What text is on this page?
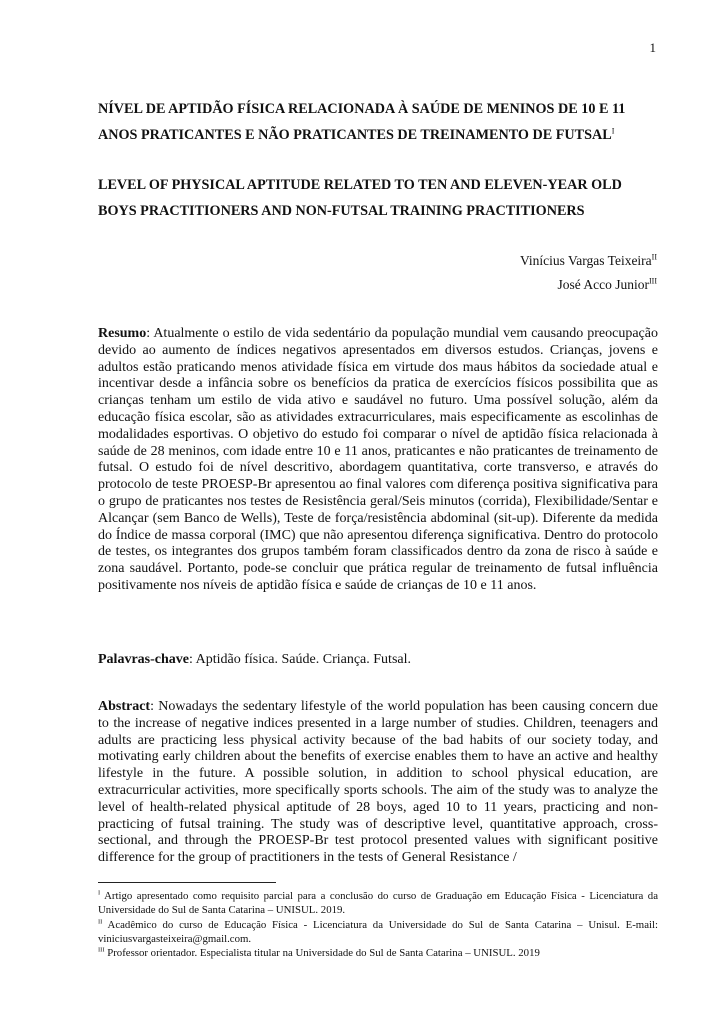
1
NÍVEL DE APTIDÃO FÍSICA RELACIONADA À SAÚDE DE MENINOS DE 10 E 11 ANOS PRATICANTES E NÃO PRATICANTES DE TREINAMENTO DE $FUTSAL^I$
LEVEL OF PHYSICAL APTITUDE RELATED TO TEN AND ELEVEN-YEAR OLD BOYS PRACTITIONERS AND NON-FUTSAL TRAINING PRACTITIONERS
Vinícius Vargas Teixeira$^{II}$
José Acco Junior$^{III}$

Resumo: Atualmente o estilo de vida sedentário da população mundial vem causando preocupação devido ao aumento de índices negativos apresentados em diversos estudos. Crianças, jovens e adultos estão praticando menos atividade física em virtude dos maus hábitos da sociedade atual e incentivar desde a infância sobre os benefícios da pratica de exercícios físicos possibilita que as crianças tenham um estilo de vida ativo e saudável no futuro. Uma possível solução, além da educação física escolar, são as atividades extracurriculares, mais especificamente as escolinhas de modalidades esportivas. O objetivo do estudo foi comparar o nível de aptidão física relacionada à saúde de 28 meninos, com idade entre 10 e 11 anos, praticantes e não praticantes de treinamento de futsal. O estudo foi de nível descritivo, abordagem quantitativa, corte transverso, e através do protocolo de teste PROESP-Br apresentou ao final valores com diferença positiva significativa para o grupo de praticantes nos testes de Resistência geral/Seis minutos (corrida), Flexibilidade/Sentar e Alcançar (sem Banco de Wells), Teste de força/resistência abdominal (sit-up). Diferente da medida do Índice de massa corporal (IMC) que não apresentou diferença significativa. Dentro do protocolo de testes, os integrantes dos grupos também foram classificados dentro da zona de risco à saúde e zona saudável. Portanto, pode-se concluir que prática regular de treinamento de futsal influência positivamente nos níveis de aptidão física e saúde de crianças de 10 e 11 anos.

Palavras-chave: Aptidão física. Saúde. Criança. Futsal.

Abstract: Nowadays the sedentary lifestyle of the world population has been causing concern due to the increase of negative indices presented in a large number of studies. Children, teenagers and adults are practicing less physical activity because of the bad habits of our society today, and motivating early children about the benefits of exercise enables them to have an active and healthy lifestyle in the future. A possible solution, in addition to school physical education, are extracurricular activities, more specifically sports schools. The aim of the study was to analyze the level of health-related physical aptitude of 28 boys, aged 10 to 11 years, practicing and non-practicing of futsal training. The study was of descriptive level, quantitative approach, cross-sectional, and through the PROESP-Br test protocol presented values with significant positive difference for the group of practitioners in the tests of General Resistance /

$^I$ Artigo apresentado como requisito parcial para a conclusão do curso de Graduação em Educação Física - Licenciatura da Universidade do Sul de Santa Catarina – UNISUL. 2019.

$^{II}$ Acadêmico do curso de Educação Física - Licenciatura da Universidade do Sul de Santa Catarina – Unisul. E-mail: viniciusvargasteixeira@gmail.com.

$^{III}$ Professor orientador. Especialista titular na Universidade do Sul de Santa Catarina – UNISUL. 2019
